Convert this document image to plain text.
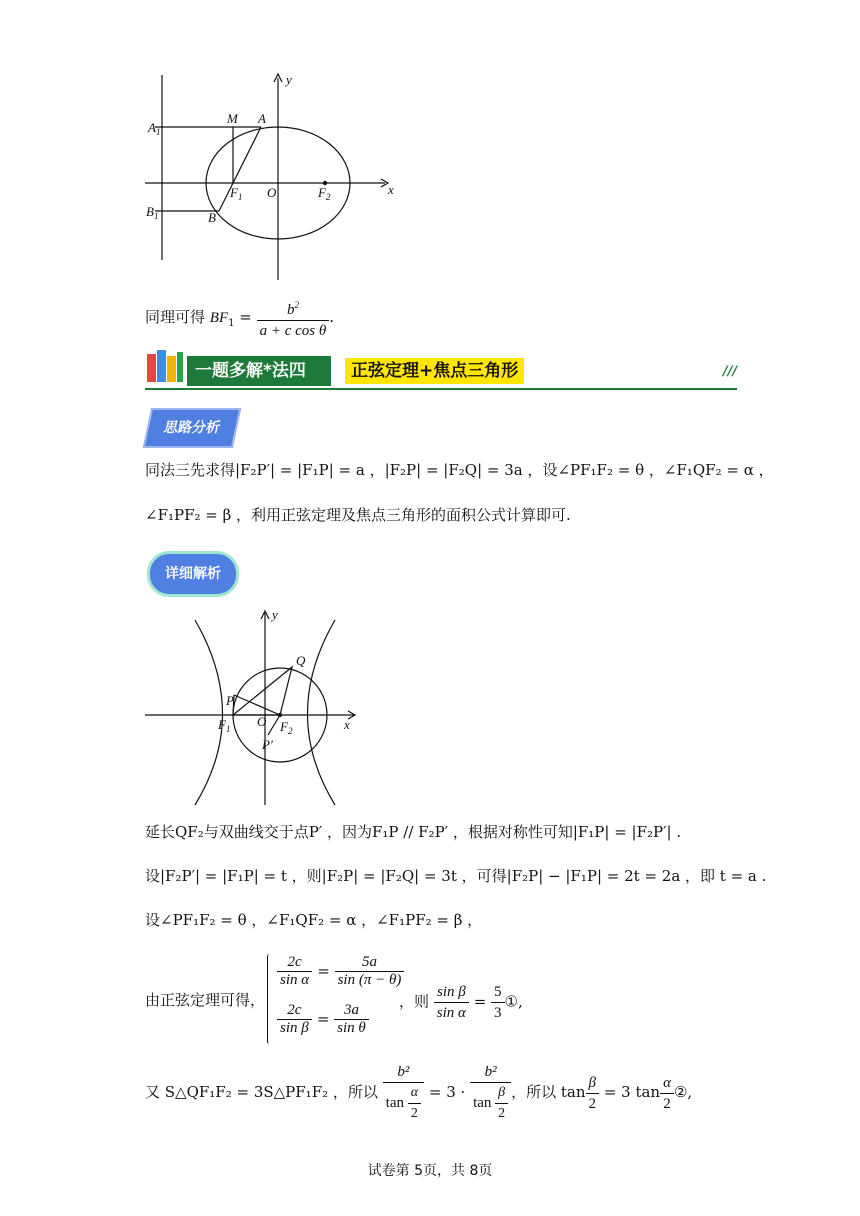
y
x
$A_1$
M A
$B_1$	B
$F_1$ O	$F_2$
同理可得 $BF_1 = \frac{b^2}{\text{a + c cos θ}}$ .
一题多解*法四	正弦定理+焦点三角形	///
思路分析
同法三先求得|F₂P′| = |F₁P| = a ，|F₂P| = |F₂Q| = 3a ，设∠PF₁F₂ = θ ，∠F₁QF₂ = α ，
∠F₁PF₂ = β ，利用正弦定理及焦点三角形的面积公式计算即可.
详细解析
y
x
Q
P
$F_1$ O $F_2$
P′
延长QF₂与双曲线交于点P′ ，因为F₁P // F₂P′ ，根据对称性可知|F₁P| = |F₂P′| .
设|F₂P′| = |F₁P| = t ，则|F₂P| = |F₂Q| = 3t ，可得|F₂P| − |F₁P| = 2t = 2a ，即 t = a .
设∠PF₁F₂ = θ ，∠F₁QF₂ = α ，∠F₁PF₂ = β ，
由正弦定理可得，
$\frac{2c}{\text{sin α}} = \frac{5a}{\sin (\pi - \theta)}$
$\frac{2c}{\text{sin β}} = \frac{3a}{\text{sin θ}}$
，则 $\frac{\text{sin β}}{\text{sin α}} = \frac{5}{3}$ ①,
又 S△QF₁F₂ = 3S△PF₁F₂ ，所以 $\frac{\text{b²}}{\tan \frac{\alpha}{2}} = 3 \cdot \frac{\text{b²}}{\tan \frac{\beta}{2}}$ ，所以 $\tan \frac{\beta}{2} = 3$ $\tan \frac{\alpha}{2}$ ②,
试卷第 5页，共 8页
